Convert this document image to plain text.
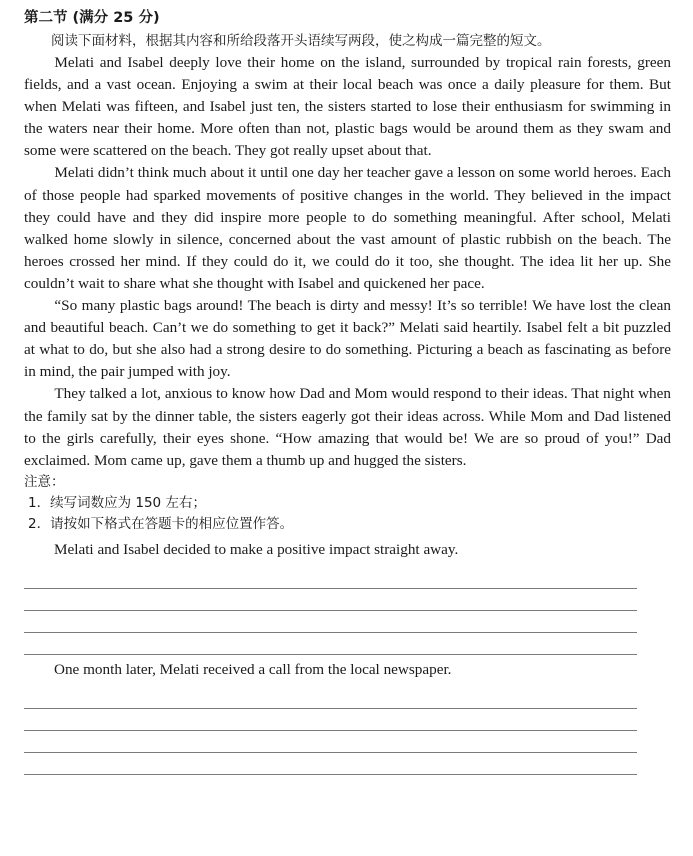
第二节 (满分 25 分)
阅读下面材料，根据其内容和所给段落开头语续写两段，使之构成一篇完整的短文。

Melati and Isabel deeply love their home on the island, surrounded by tropical rain forests, green fields, and a vast ocean. Enjoying a swim at their local beach was once a daily pleasure for them. But when Melati was fifteen, and Isabel just ten, the sisters started to lose their enthusiasm for swimming in the waters near their home. More often than not, plastic bags would be around them as they swam and some were scattered on the beach. They got really upset about that.

Melati didn’t think much about it until one day her teacher gave a lesson on some world heroes. Each of those people had sparked movements of positive changes in the world. They believed in the impact they could have and they did inspire more people to do something meaningful. After school, Melati walked home slowly in silence, concerned about the vast amount of plastic rubbish on the beach. The heroes crossed her mind. If they could do it, we could do it too, she thought. The idea lit her up. She couldn’t wait to share what she thought with Isabel and quickened her pace.

“So many plastic bags around! The beach is dirty and messy! It’s so terrible! We have lost the clean and beautiful beach. Can’t we do something to get it back?” Melati said heartily. Isabel felt a bit puzzled at what to do, but she also had a strong desire to do something. Picturing a beach as fascinating as before in mind, the pair jumped with joy.

They talked a lot, anxious to know how Dad and Mom would respond to their ideas. That night when the family sat by the dinner table, the sisters eagerly got their ideas across. While Mom and Dad listened to the girls carefully, their eyes shone. “How amazing that would be! We are so proud of you!” Dad exclaimed. Mom came up, gave them a thumb up and hugged the sisters.

注意：
1．续写词数应为 150 左右；
2．请按如下格式在答题卡的相应位置作答。
Melati and Isabel decided to make a positive impact straight away.
One month later, Melati received a call from the local newspaper.
